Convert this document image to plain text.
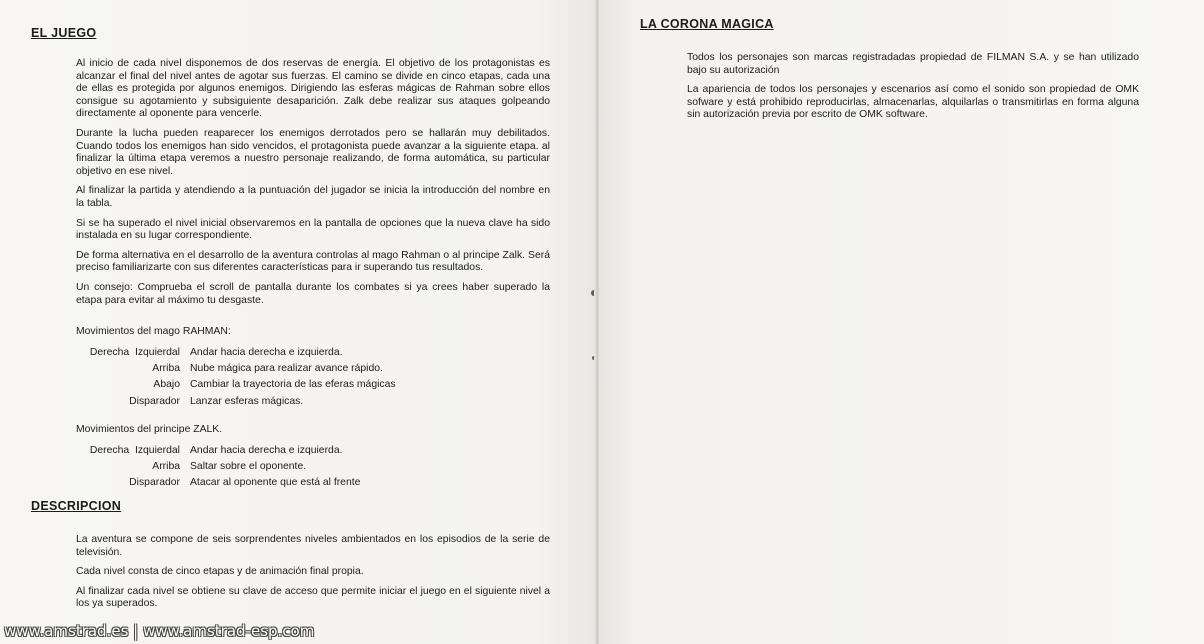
EL JUEGO

Al inicio de cada nivel disponemos de dos reservas de energía. El objetivo de los protagonistas es alcanzar el final del nivel antes de agotar sus fuerzas. El camino se divide en cinco etapas, cada una de ellas es protegida por algunos enemigos. Dirigiendo las esferas mágicas de Rahman sobre ellos consigue su agotamiento y subsiguiente desaparición. Zalk debe realizar sus ataques golpeando directamente al oponente para vencerle.

Durante la lucha pueden reaparecer los enemigos derrotados pero se hallarán muy debilitados. Cuando todos los enemigos han sido vencidos, el protagonista puede avanzar a la siguiente etapa. al finalizar la última etapa veremos a nuestro personaje realizando, de forma automática, su particular objetivo en ese nivel.

Al finalizar la partida y atendiendo a la puntuación del jugador se inicia la introducción del nombre en la tabla.

Si se ha superado el nivel inicial observaremos en la pantalla de opciones que la nueva clave ha sido instalada en su lugar correspondiente.

De forma alternativa en el desarrollo de la aventura controlas al mago Rahman o al principe Zalk. Será preciso familiarizarte con sus diferentes características para ir superando tus resultados.

Un consejo: Comprueba el scroll de pantalla durante los combates si ya crees haber superado la etapa para evitar al máximo tu desgaste.

Movimientos del mago RAHMAN:
Derecha  Izquierdal Andar hacia derecha e izquierda.
Arriba Nube mágica para realizar avance rápido.
Abajo Cambiar la trayectoria de las eferas mágicas
Disparador Lanzar esferas mágicas.
Movimientos del principe ZALK.
Derecha  Izquierdal Andar hacia derecha e izquierda.
Arriba Saltar sobre el oponente.
Disparador Atacar al oponente que está al frente
DESCRIPCION

La aventura se compone de seis sorprendentes niveles ambientados en los episodios de la serie de televisión.

Cada nivel consta de cinco etapas y de animación final propia.

Al finalizar cada nivel se obtiene su clave de acceso que permite iniciar el juego en el siguiente nivel a los ya superados.

LA CORONA MAGICA

Todos los personajes son marcas registradadas propiedad de FILMAN S.A. y se han utilizado bajo su autorización

La apariencia de todos los personajes y escenarios así como el sonido son propiedad de OMK sofware y está prohibido reproducirlas, almacenarlas, alquilarlas o transmitirlas en forma alguna sin autorización previa por escrito de OMK software.

www.amstrad.es | www.amstrad-esp.com
